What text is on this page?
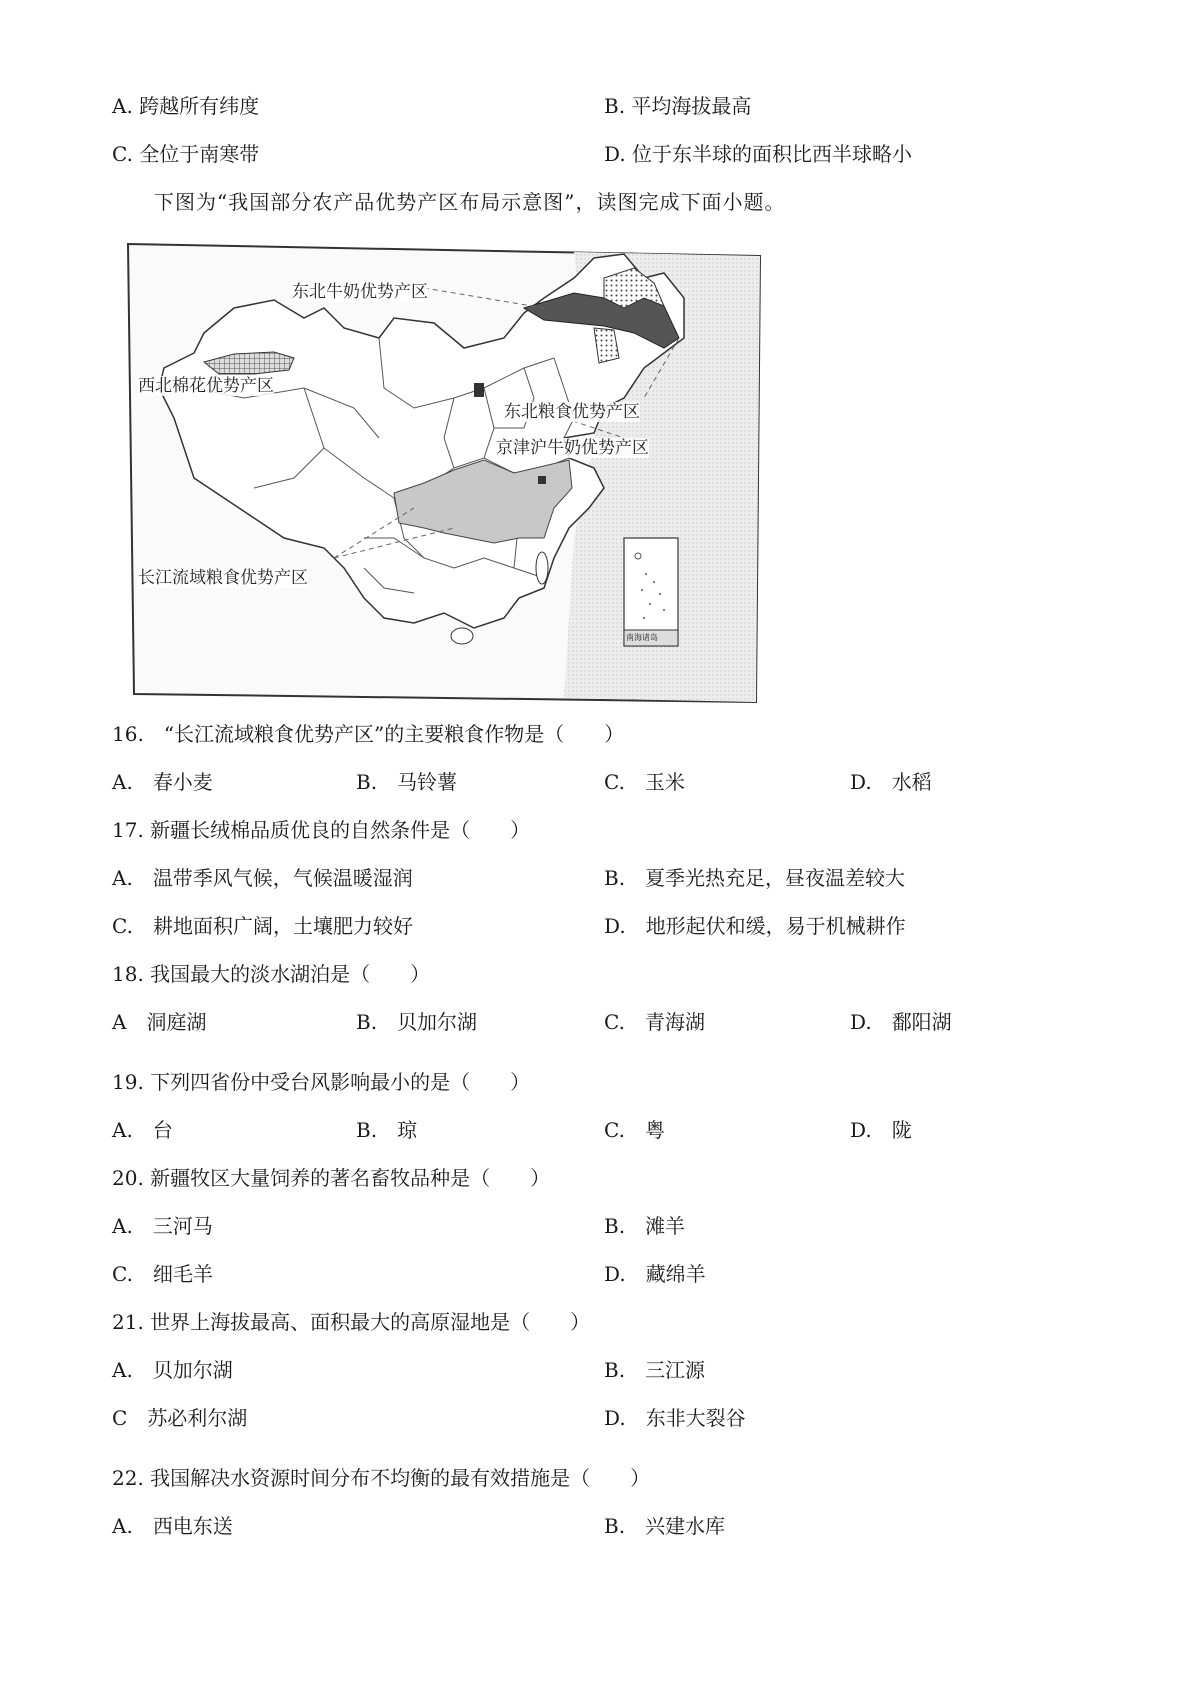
A. 跨越所有纬度	B. 平均海拔最高
C. 全位于南寒带	D. 位于东半球的面积比西半球略小
下图为“我国部分农产品优势产区布局示意图”，读图完成下面小题。
东北牛奶优势产区
西北棉花优势产区
东北粮食优势产区
京津沪牛奶优势产区
长江流域粮食优势产区
南海诸岛
16.　 “长江流域粮食优势产区”的主要粮食作物是（　　）
A.　 春小麦	B.　 马铃薯	C.　 玉米	D.　 水稻
17. 新疆长绒棉品质优良的自然条件是（　　）
A.　 温带季风气候，气候温暖湿润	B.　 夏季光热充足，昼夜温差较大
C.　 耕地面积广阔，土壤肥力较好	D.　 地形起伏和缓，易于机械耕作
18. 我国最大的淡水湖泊是（　　）
A　 洞庭湖	B.　 贝加尔湖	C.　 青海湖	D.　 鄱阳湖
19. 下列四省份中受台风影响最小的是（　　）
A.　 台	B.　 琼	C.　 粤	D.　 陇
20. 新疆牧区大量饲养的著名畜牧品种是（　　）
A.　 三河马	B.　 滩羊
C.　 细毛羊	D.　 藏绵羊
21. 世界上海拔最高、面积最大的高原湿地是（　　）
A.　 贝加尔湖	B.　 三江源
C　 苏必利尔湖	D.　 东非大裂谷
22. 我国解决水资源时间分布不均衡的最有效措施是（　　）
A.　 西电东送	B.　 兴建水库
